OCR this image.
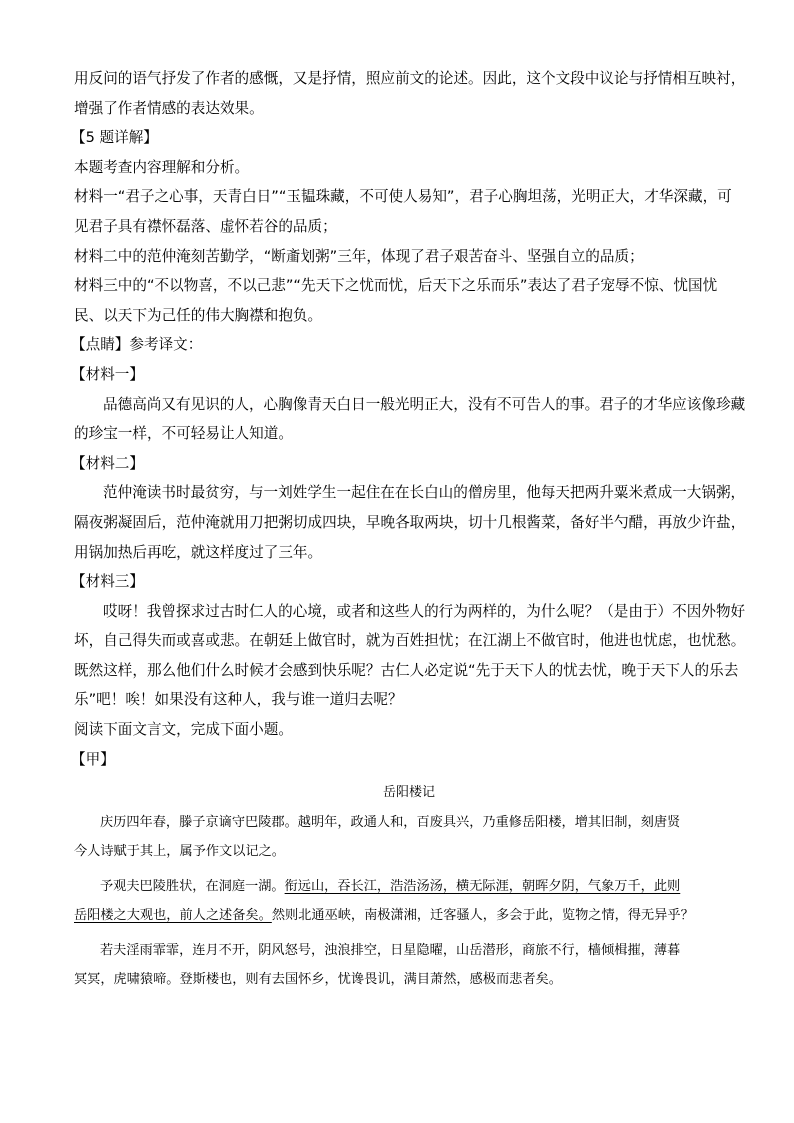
用反问的语气抒发了作者的感慨，又是抒情，照应前文的论述。因此，这个文段中议论与抒情相互映衬，
增强了作者情感的表达效果。
【5 题详解】
本题考查内容理解和分析。
材料一“君子之心事，天青白日”“玉韫珠藏，不可使人易知”，君子心胸坦荡，光明正大，才华深藏，可
见君子具有襟怀磊落、虚怀若谷的品质；
材料二中的范仲淹刻苦勤学，“断齑划粥”三年，体现了君子艰苦奋斗、坚强自立的品质；
材料三中的“不以物喜，不以己悲”“先天下之忧而忧，后天下之乐而乐”表达了君子宠辱不惊、忧国忧
民、以天下为己任的伟大胸襟和抱负。
【点睛】参考译文：
【材料一】
品德高尚又有见识的人，心胸像青天白日一般光明正大，没有不可告人的事。君子的才华应该像珍藏
的珍宝一样，不可轻易让人知道。
【材料二】
范仲淹读书时最贫穷，与一刘姓学生一起住在在长白山的僧房里，他每天把两升粟米煮成一大锅粥，
隔夜粥凝固后，范仲淹就用刀把粥切成四块，早晚各取两块，切十几根酱菜，备好半勺醋，再放少许盐，
用锅加热后再吃，就这样度过了三年。
【材料三】
哎呀！我曾探求过古时仁人的心境，或者和这些人的行为两样的，为什么呢？（是由于）不因外物好
坏，自己得失而或喜或悲。在朝廷上做官时，就为百姓担忧；在江湖上不做官时，他进也忧虑，也忧愁。
既然这样，那么他们什么时候才会感到快乐呢？古仁人必定说“先于天下人的忧去忧，晚于天下人的乐去
乐”吧！唉！如果没有这种人，我与谁一道归去呢？
阅读下面文言文，完成下面小题。
【甲】
岳阳楼记
庆历四年春，滕子京谪守巴陵郡。越明年，政通人和，百废具兴，乃重修岳阳楼，增其旧制，刻唐贤
今人诗赋于其上，属予作文以记之。
予观夫巴陵胜状，在洞庭一湖。衔远山，吞长江，浩浩汤汤，横无际涯，朝晖夕阴，气象万千，此则
岳阳楼之大观也，前人之述备矣。然则北通巫峡，南极潇湘，迁客骚人，多会于此，览物之情，得无异乎？
若夫淫雨霏霏，连月不开，阴风怒号，浊浪排空，日星隐曜，山岳潜形，商旅不行，樯倾楫摧，薄暮
冥冥，虎啸猿啼。登斯楼也，则有去国怀乡，忧谗畏讥，满目萧然，感极而悲者矣。
